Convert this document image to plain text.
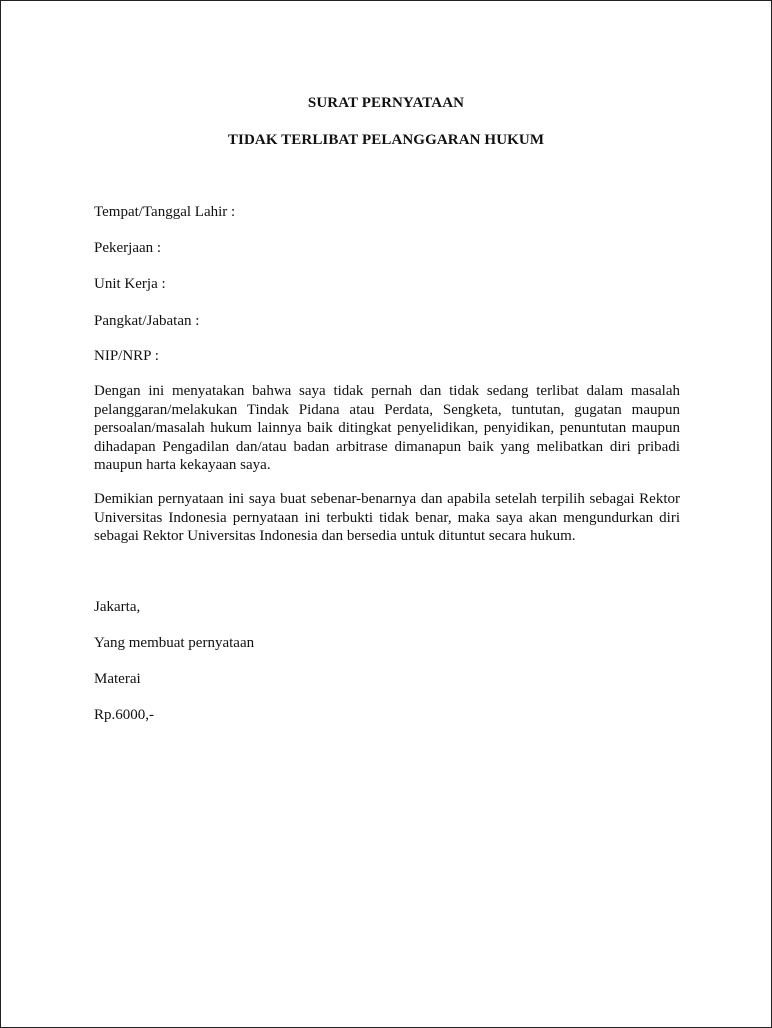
SURAT PERNYATAAN
TIDAK TERLIBAT PELANGGARAN HUKUM
Tempat/Tanggal Lahir :
Pekerjaan :
Unit Kerja :
Pangkat/Jabatan :
NIP/NRP :
Dengan ini menyatakan bahwa saya tidak pernah dan tidak sedang terlibat dalam masalah pelanggaran/melakukan Tindak Pidana atau Perdata, Sengketa, tuntutan, gugatan maupun persoalan/masalah hukum lainnya baik ditingkat penyelidikan, penyidikan, penuntutan maupun dihadapan Pengadilan dan/atau badan arbitrase dimanapun baik yang melibatkan diri pribadi maupun harta kekayaan saya.
Demikian pernyataan ini saya buat sebenar-benarnya dan apabila setelah terpilih sebagai Rektor Universitas Indonesia pernyataan ini terbukti tidak benar, maka saya akan mengundurkan diri sebagai Rektor Universitas Indonesia dan bersedia untuk dituntut secara hukum.
Jakarta,
Yang membuat pernyataan
Materai
Rp.6000,-
